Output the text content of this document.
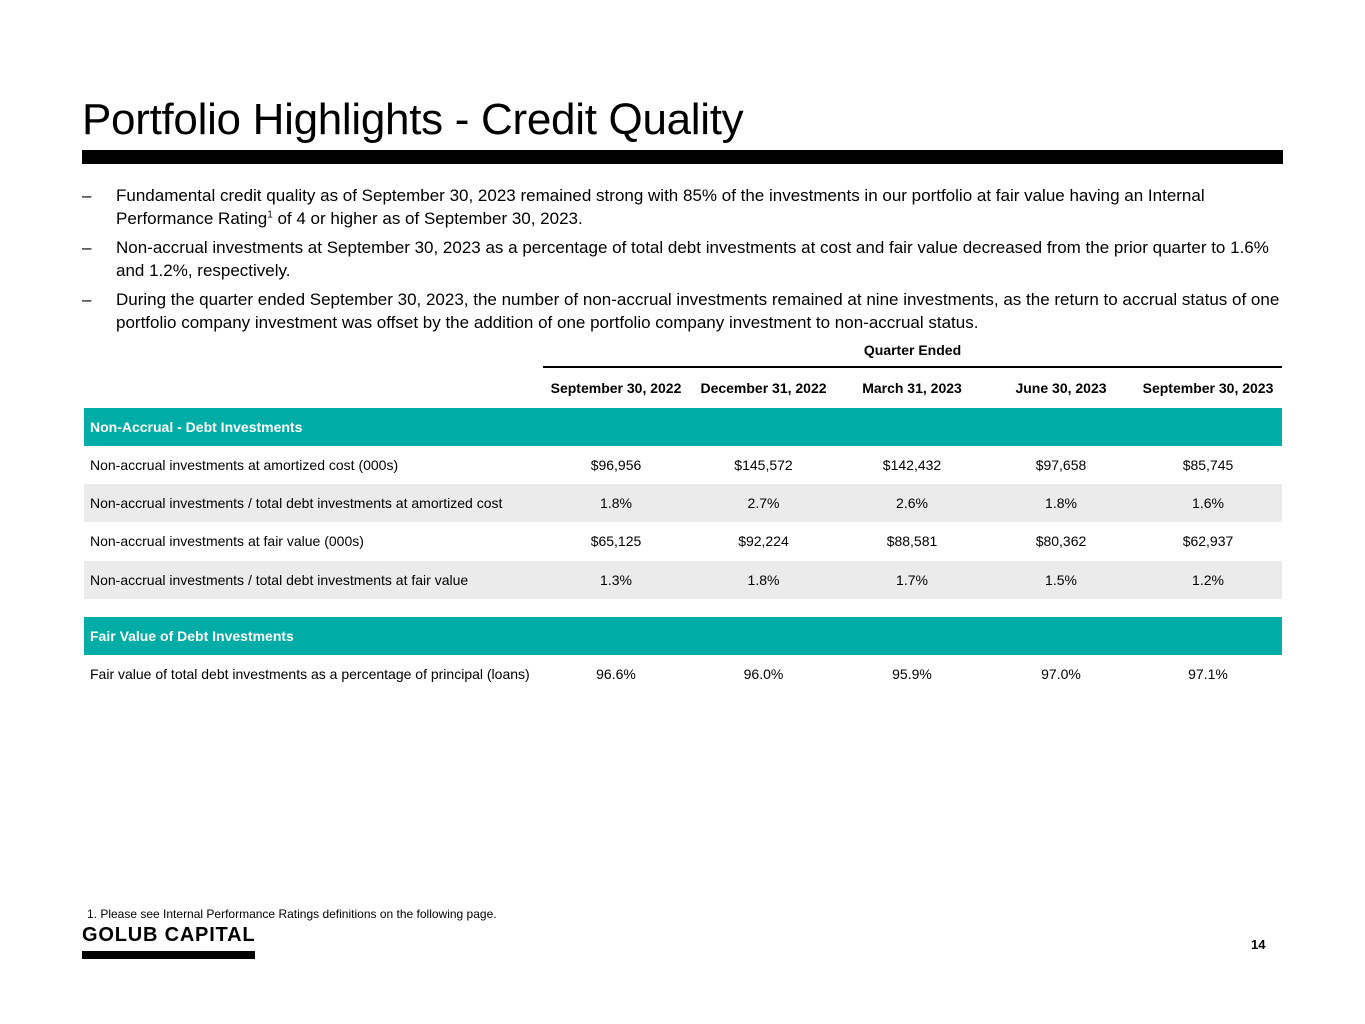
Portfolio Highlights - Credit Quality
– Fundamental credit quality as of September 30, 2023 remained strong with 85% of the investments in our portfolio at fair value having an Internal Performance Rating$^1$ of 4 or higher as of September 30, 2023.
– Non-accrual investments at September 30, 2023 as a percentage of total debt investments at cost and fair value decreased from the prior quarter to 1.6% and 1.2%, respectively.
– During the quarter ended September 30, 2023, the number of non-accrual investments remained at nine investments, as the return to accrual status of one portfolio company investment was offset by the addition of one portfolio company investment to non-accrual status.
Quarter Ended
September 30, 2022	December 31, 2022	March 31, 2023	June 30, 2023	September 30, 2023
Non-Accrual - Debt Investments
Non-accrual investments at amortized cost (000s)	$96,956	$145,572	$142,432	$97,658	$85,745
Non-accrual investments / total debt investments at amortized cost	1.8%	2.7%	2.6%	1.8%	1.6%
Non-accrual investments at fair value (000s)	$65,125	$92,224	$88,581	$80,362	$62,937
Non-accrual investments / total debt investments at fair value	1.3%	1.8%	1.7%	1.5%	1.2%
Fair Value of Debt Investments
Fair value of total debt investments as a percentage of principal (loans)	96.6%	96.0%	95.9%	97.0%	97.1%
1. Please see Internal Performance Ratings definitions on the following page.
GOLUB CAPITAL	14
